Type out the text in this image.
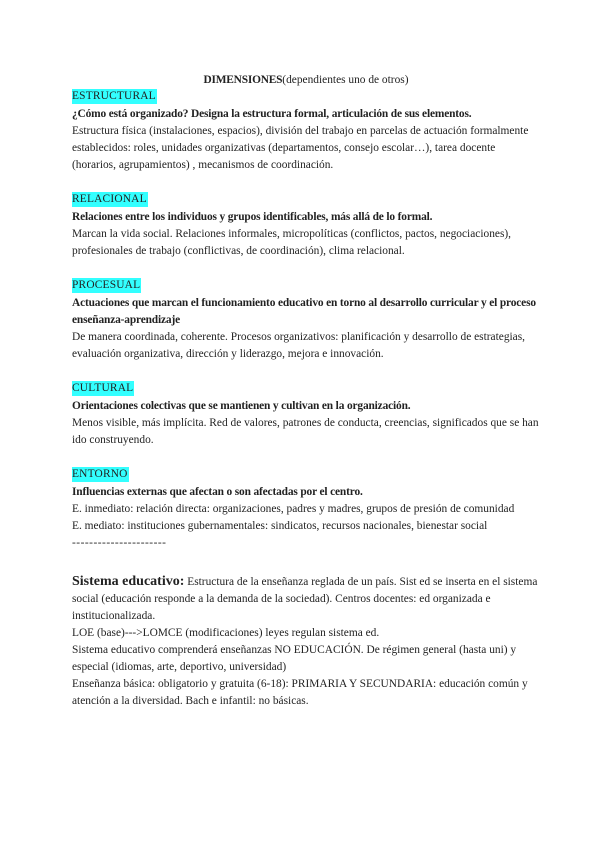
DIMENSIONES(dependientes uno de otros)

ESTRUCTURAL

¿Cómo está organizado? Designa la estructura formal, articulación de sus elementos.

Estructura física (instalaciones, espacios), división del trabajo en parcelas de actuación formalmente establecidos: roles, unidades organizativas (departamentos, consejo escolar…), tarea docente (horarios, agrupamientos) , mecanismos de coordinación.

RELACIONAL

Relaciones entre los individuos y grupos identificables, más allá de lo formal.

Marcan la vida social. Relaciones informales, micropolíticas (conflictos, pactos, negociaciones), profesionales de trabajo (conflictivas, de coordinación), clima relacional.

PROCESUAL

Actuaciones que marcan el funcionamiento educativo en torno al desarrollo curricular y el proceso enseñanza-aprendizaje

De manera coordinada, coherente. Procesos organizativos: planificación y desarrollo de estrategias, evaluación organizativa, dirección y liderazgo, mejora e innovación.

CULTURAL

Orientaciones colectivas que se mantienen y cultivan en la organización.

Menos visible, más implícita. Red de valores, patrones de conducta, creencias, significados que se han ido construyendo.

ENTORNO

Influencias externas que afectan o son afectadas por el centro.

E. inmediato: relación directa: organizaciones, padres y madres, grupos de presión de comunidad

E. mediato: instituciones gubernamentales: sindicatos, recursos nacionales, bienestar social

----------------------

Sistema educativo: Estructura de la enseñanza reglada de un país. Sist ed se inserta en el sistema social (educación responde a la demanda de la sociedad). Centros docentes: ed organizada e institucionalizada.

LOE (base)--->LOMCE (modificaciones) leyes regulan sistema ed.

Sistema educativo comprenderá enseñanzas NO EDUCACIÓN. De régimen general (hasta uni) y especial (idiomas, arte, deportivo, universidad)

Enseñanza básica: obligatorio y gratuita (6-18): PRIMARIA Y SECUNDARIA: educación común y atención a la diversidad. Bach e infantil: no básicas.
